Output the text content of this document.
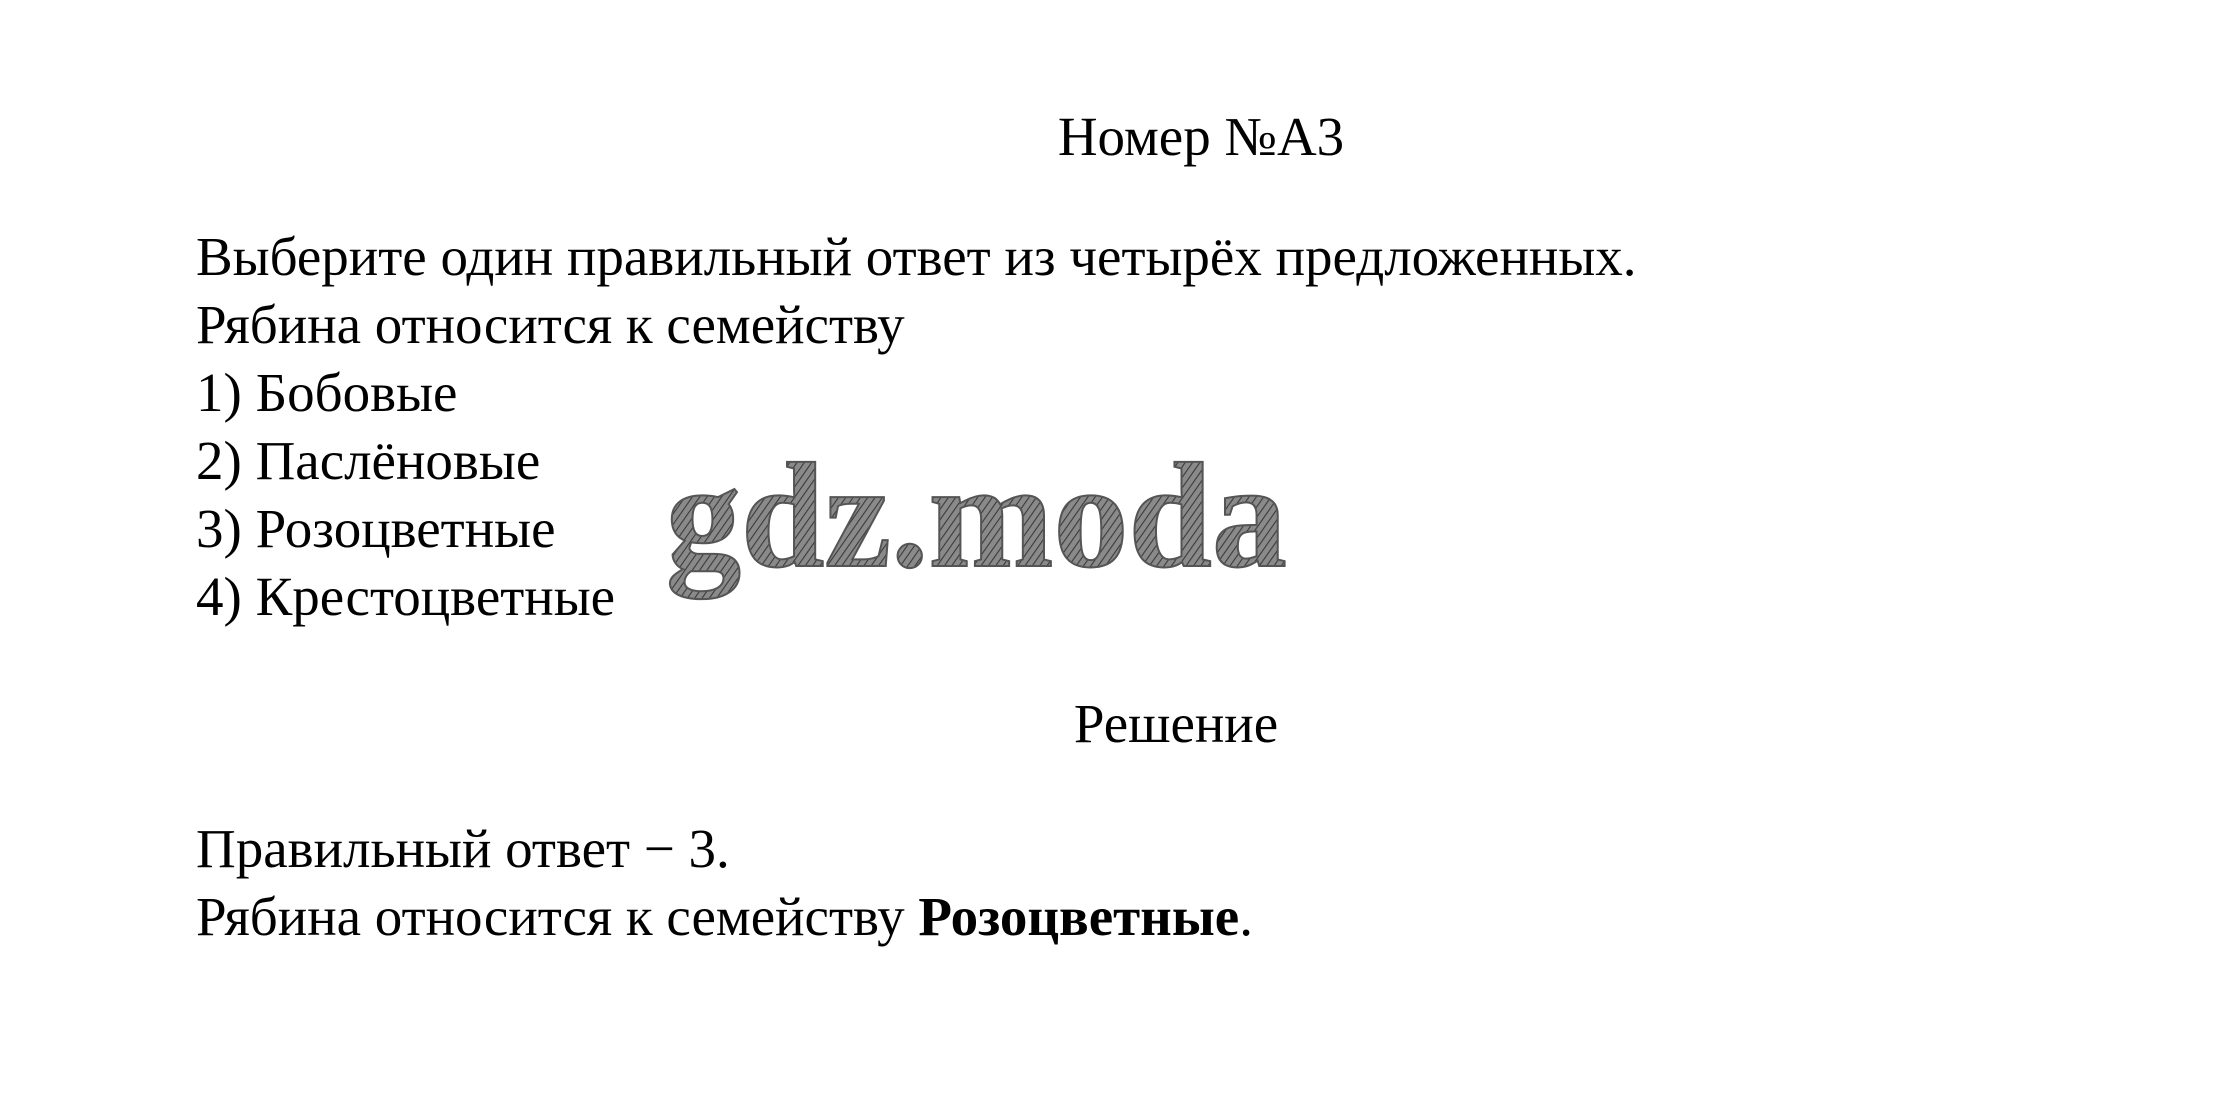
Номер №А3
Выберите один правильный ответ из четырёх предложенных.
Рябина относится к семейству
1) Бобовые
2) Паслёновые
3) Розоцветные
4) Крестоцветные gdz.moda
Решение
Правильный ответ − 3.
Рябина относится к семейству Розоцветные.
